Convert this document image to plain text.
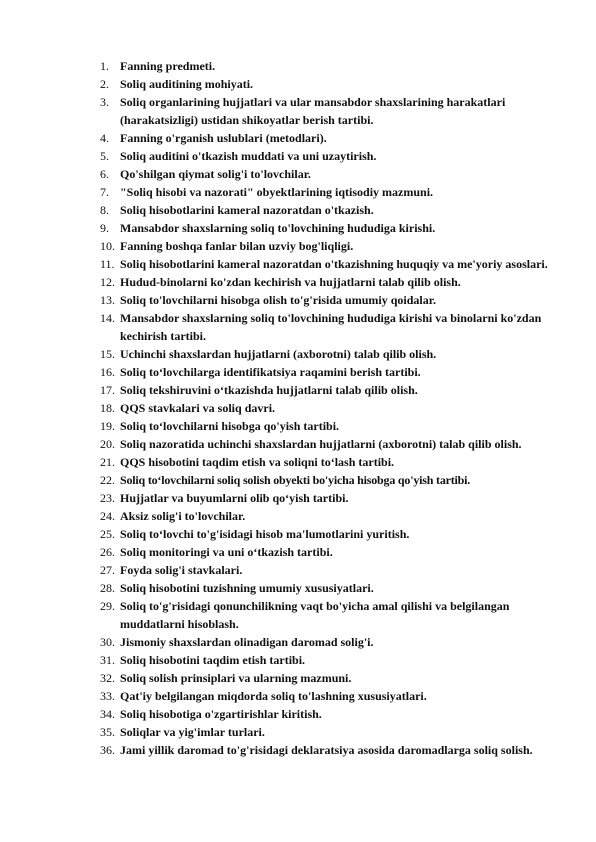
1. Fanning predmeti.
2. Soliq auditining mohiyati.
3. Soliq organlarining hujjatlari va ular mansabdor shaxslarining harakatlari (harakatsizligi) ustidan shikoyatlar berish tartibi.
4. Fanning o'rganish uslublari (metodlari).
5. Soliq auditini o'tkazish muddati va uni uzaytirish.
6. Qo'shilgan qiymat solig'i to'lovchilar.
7. "Soliq hisobi va nazorati" obyektlarining iqtisodiy mazmuni.
8. Soliq hisobotlarini kameral nazoratdan o'tkazish.
9. Mansabdor shaxslarning soliq to'lovchining hududiga kirishi.
10. Fanning boshqa fanlar bilan uzviy bog'liqligi.
11. Soliq hisobotlarini kameral nazoratdan o'tkazishning huquqiy va me'yoriy asoslari.
12. Hudud-binolarni ko'zdan kechirish va hujjatlarni talab qilib olish.
13. Soliq to'lovchilarni hisobga olish to'g'risida umumiy qoidalar.
14. Mansabdor shaxslarning soliq to'lovchining hududiga kirishi va binolarni ko'zdan kechirish tartibi.
15. Uchinchi shaxslardan hujjatlarni (axborotni) talab qilib olish.
16. Soliq to‘lovchilarga identifikatsiya raqamini berish tartibi.
17. Soliq tekshiruvini o‘tkazishda hujjatlarni talab qilib olish.
18. QQS stavkalari va soliq davri.
19. Soliq to‘lovchilarni hisobga qo'yish tartibi.
20. Soliq nazoratida uchinchi shaxslardan hujjatlarni (axborotni) talab qilib olish.
21. QQS hisobotini taqdim etish va soliqni to‘lash tartibi.
22. Soliq to‘lovchilarni soliq solish obyekti bo'yicha hisobga qo'yish tartibi.
23. Hujjatlar va buyumlarni olib qo‘yish tartibi.
24. Aksiz solig'i to'lovchilar.
25. Soliq to‘lovchi to'g'isidagi hisob ma'lumotlarini yuritish.
26. Soliq monitoringi va uni o‘tkazish tartibi.
27. Foyda solig'i stavkalari.
28. Soliq hisobotini tuzishning umumiy xususiyatlari.
29. Soliq to'g'risidagi qonunchilikning vaqt bo'yicha amal qilishi va belgilangan muddatlarni hisoblash.
30. Jismoniy shaxslardan olinadigan daromad solig'i.
31. Soliq hisobotini taqdim etish tartibi.
32. Soliq solish prinsiplari va ularning mazmuni.
33. Qat'iy belgilangan miqdorda soliq to'lashning xususiyatlari.
34. Soliq hisobotiga o'zgartirishlar kiritish.
35. Soliqlar va yig'imlar turlari.
36. Jami yillik daromad to'g'risidagi deklaratsiya asosida daromadlarga soliq solish.
